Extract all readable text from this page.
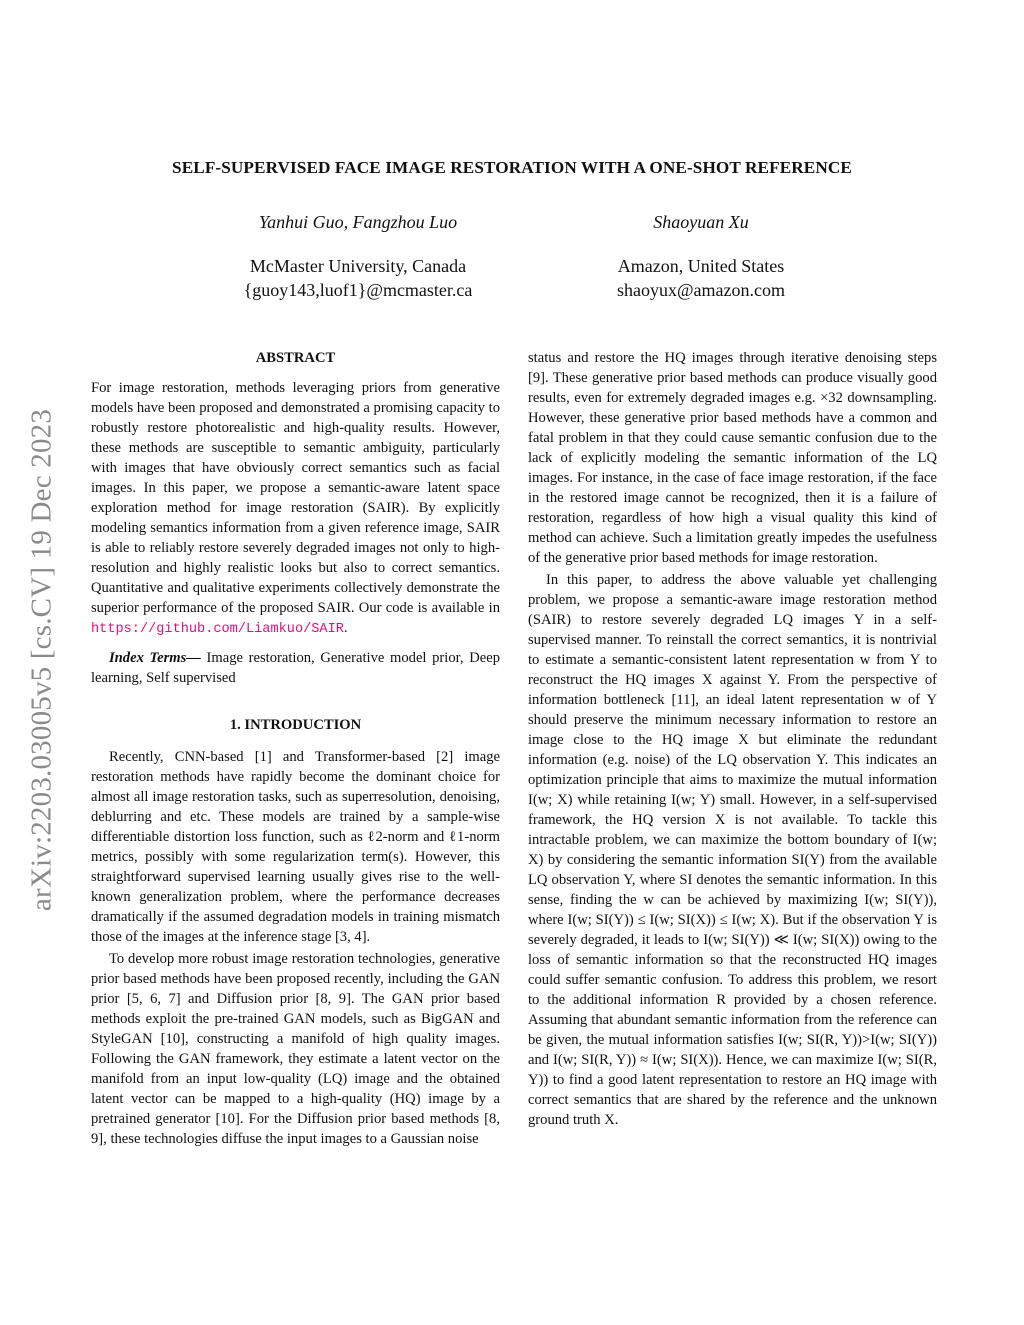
arXiv:2203.03005v5 [cs.CV] 19 Dec 2023
SELF-SUPERVISED FACE IMAGE RESTORATION WITH A ONE-SHOT REFERENCE
Yanhui Guo, Fangzhou Luo
McMaster University, Canada
{guoy143,luof1}@mcmaster.ca
Shaoyuan Xu
Amazon, United States
shaoyux@amazon.com
ABSTRACT

For image restoration, methods leveraging priors from generative models have been proposed and demonstrated a promising capacity to robustly restore photorealistic and high-quality results. However, these methods are susceptible to semantic ambiguity, particularly with images that have obviously correct semantics such as facial images. In this paper, we propose a semantic-aware latent space exploration method for image restoration (SAIR). By explicitly modeling semantics information from a given reference image, SAIR is able to reliably restore severely degraded images not only to high-resolution and highly realistic looks but also to correct semantics. Quantitative and qualitative experiments collectively demonstrate the superior performance of the proposed SAIR. Our code is available in https://github.com/Liamkuo/SAIR.

Index Terms— Image restoration, Generative model prior, Deep learning, Self supervised

1. INTRODUCTION

Recently, CNN-based [1] and Transformer-based [2] image restoration methods have rapidly become the dominant choice for almost all image restoration tasks, such as superresolution, denoising, deblurring and etc. These models are trained by a sample-wise differentiable distortion loss function, such as ℓ2-norm and ℓ1-norm metrics, possibly with some regularization term(s). However, this straightforward supervised learning usually gives rise to the well-known generalization problem, where the performance decreases dramatically if the assumed degradation models in training mismatch those of the images at the inference stage [3, 4].

To develop more robust image restoration technologies, generative prior based methods have been proposed recently, including the GAN prior [5, 6, 7] and Diffusion prior [8, 9]. The GAN prior based methods exploit the pre-trained GAN models, such as BigGAN and StyleGAN [10], constructing a manifold of high quality images. Following the GAN framework, they estimate a latent vector on the manifold from an input low-quality (LQ) image and the obtained latent vector can be mapped to a high-quality (HQ) image by a pretrained generator [10]. For the Diffusion prior based methods [8, 9], these technologies diffuse the input images to a Gaussian noise

status and restore the HQ images through iterative denoising steps [9]. These generative prior based methods can produce visually good results, even for extremely degraded images e.g. ×32 downsampling. However, these generative prior based methods have a common and fatal problem in that they could cause semantic confusion due to the lack of explicitly modeling the semantic information of the LQ images. For instance, in the case of face image restoration, if the face in the restored image cannot be recognized, then it is a failure of restoration, regardless of how high a visual quality this kind of method can achieve. Such a limitation greatly impedes the usefulness of the generative prior based methods for image restoration.

In this paper, to address the above valuable yet challenging problem, we propose a semantic-aware image restoration method (SAIR) to restore severely degraded LQ images Y in a self-supervised manner. To reinstall the correct semantics, it is nontrivial to estimate a semantic-consistent latent representation w from Y to reconstruct the HQ images X against Y. From the perspective of information bottleneck [11], an ideal latent representation w of Y should preserve the minimum necessary information to restore an image close to the HQ image X but eliminate the redundant information (e.g. noise) of the LQ observation Y. This indicates an optimization principle that aims to maximize the mutual information I(w; X) while retaining I(w; Y) small. However, in a self-supervised framework, the HQ version X is not available. To tackle this intractable problem, we can maximize the bottom boundary of I(w; X) by considering the semantic information SI(Y) from the available LQ observation Y, where SI denotes the semantic information. In this sense, finding the w can be achieved by maximizing I(w; SI(Y)), where I(w; SI(Y)) ≤ I(w; SI(X)) ≤ I(w; X). But if the observation Y is severely degraded, it leads to I(w; SI(Y)) ≪ I(w; SI(X)) owing to the loss of semantic information so that the reconstructed HQ images could suffer semantic confusion. To address this problem, we resort to the additional information R provided by a chosen reference. Assuming that abundant semantic information from the reference can be given, the mutual information satisfies I(w; SI(R, Y))>I(w; SI(Y)) and I(w; SI(R, Y)) ≈ I(w; SI(X)). Hence, we can maximize I(w; SI(R, Y)) to find a good latent representation to restore an HQ image with correct semantics that are shared by the reference and the unknown ground truth X.
